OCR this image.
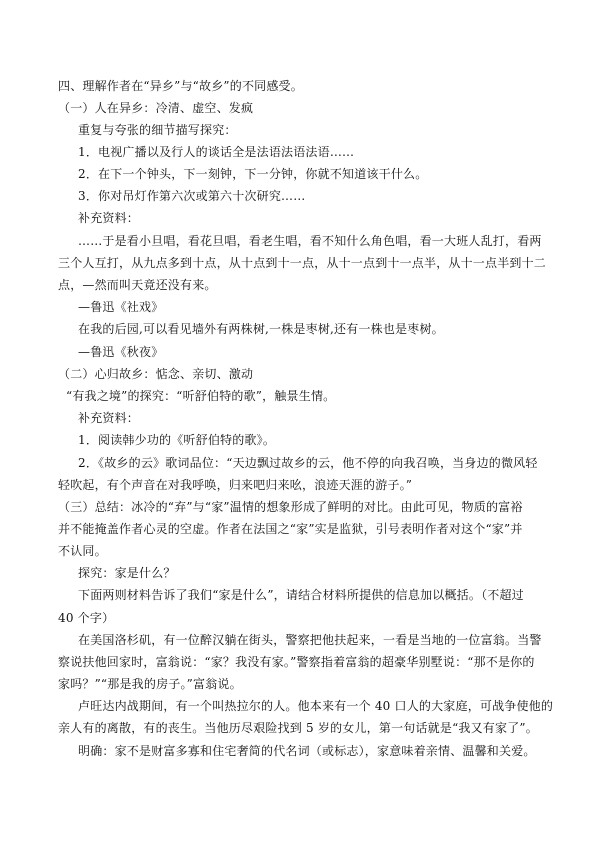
四、理解作者在“异乡”与“故乡”的不同感受。
（一）人在异乡：冷清、虚空、发疯
重复与夸张的细节描写探究：
1．电视广播以及行人的谈话全是法语法语法语……
2．在下一个钟头，下一刻钟，下一分钟，你就不知道该干什么。
3．你对吊灯作第六次或第六十次研究……
补充资料：
……于是看小旦唱，看花旦唱，看老生唱，看不知什么角色唱，看一大班人乱打，看两
三个人互打，从九点多到十点，从十点到十一点，从十一点到十一点半，从十一点半到十二
点，—然而叫天竟还没有来。
—鲁迅《社戏》
在我的后园,可以看见墙外有两株树,一株是枣树,还有一株也是枣树。
—鲁迅《秋夜》
（二）心归故乡：惦念、亲切、激动
“有我之境”的探究：“听舒伯特的歌”，触景生情。
补充资料：
1．阅读韩少功的《听舒伯特的歌》。
2．《故乡的云》歌词品位：“天边飘过故乡的云，他不停的向我召唤，当身边的微风轻
轻吹起，有个声音在对我呼唤，归来吧归来吆，浪迹天涯的游子。”
（三）总结：冰冷的“弃”与“家”温情的想象形成了鲜明的对比。由此可见，物质的富裕
并不能掩盖作者心灵的空虚。作者在法国之“家”实是监狱，引号表明作者对这个“家”并
不认同。
探究：家是什么？
下面两则材料告诉了我们“家是什么”，请结合材料所提供的信息加以概括。（不超过
40 个字）
在美国洛杉矶，有一位醉汉躺在街头，警察把他扶起来，一看是当地的一位富翁。当警
察说扶他回家时，富翁说：“家？我没有家。”警察指着富翁的超豪华别墅说：“那不是你的
家吗？”“那是我的房子。”富翁说。
卢旺达内战期间，有一个叫热拉尔的人。他本来有一个 40 口人的大家庭，可战争使他的
亲人有的离散，有的丧生。当他历尽艰险找到 5 岁的女儿，第一句话就是“我又有家了”。
明确：家不是财富多寡和住宅奢简的代名词（或标志），家意味着亲情、温馨和关爱。
